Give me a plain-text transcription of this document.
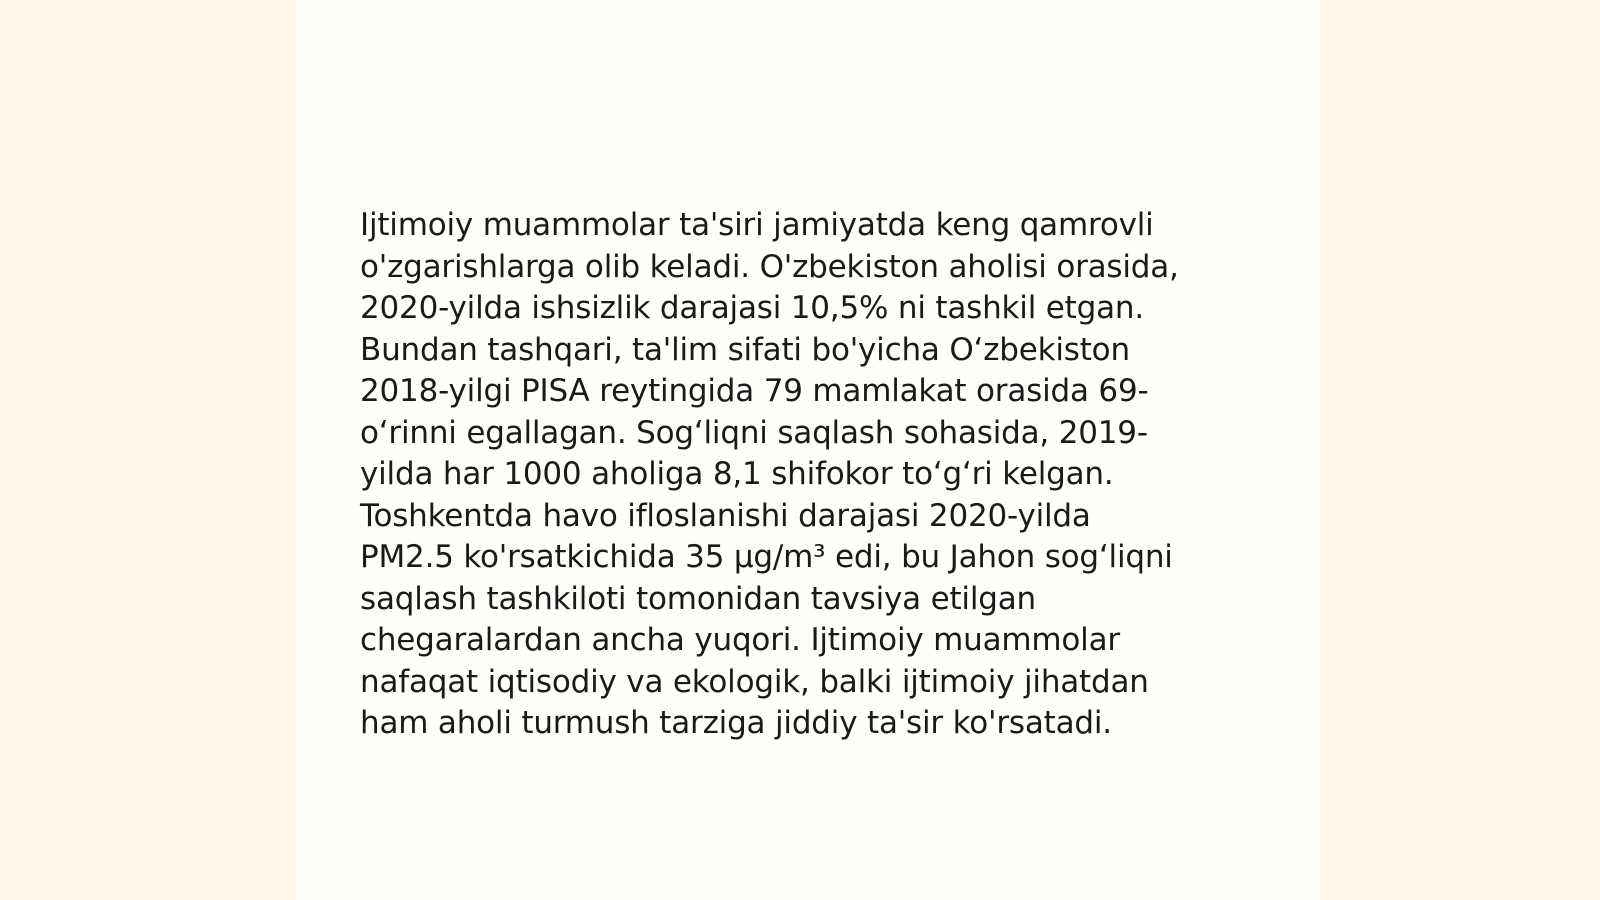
Ijtimoiy muammolar ta'siri jamiyatda keng qamrovli
o'zgarishlarga olib keladi. O'zbekiston aholisi orasida,
2020-yilda ishsizlik darajasi 10,5% ni tashkil etgan.
Bundan tashqari, ta'lim sifati bo'yicha O‘zbekiston
2018-yilgi PISA reytingida 79 mamlakat orasida 69-
o‘rinni egallagan. Sog‘liqni saqlash sohasida, 2019-
yilda har 1000 aholiga 8,1 shifokor to‘g‘ri kelgan.
Toshkentda havo ifloslanishi darajasi 2020-yilda
PM2.5 ko'rsatkichida 35 µg/m³ edi, bu Jahon sog‘liqni
saqlash tashkiloti tomonidan tavsiya etilgan
chegaralardan ancha yuqori. Ijtimoiy muammolar
nafaqat iqtisodiy va ekologik, balki ijtimoiy jihatdan
ham aholi turmush tarziga jiddiy ta'sir ko'rsatadi.
